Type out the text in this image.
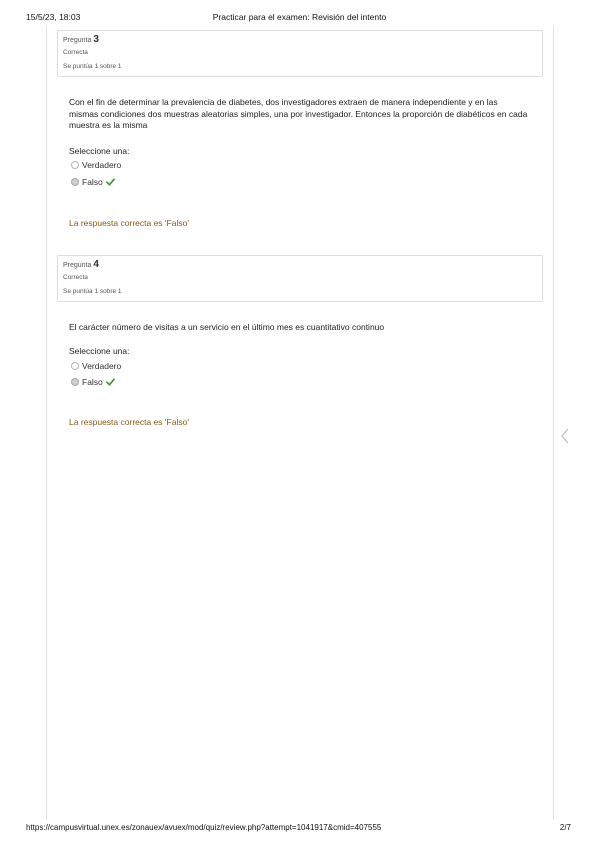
15/5/23, 18:03	Practicar para el examen: Revisión del intento
Pregunta 3
Correcta
Se puntúa 1 sobre 1
Con el fin de determinar la prevalencia de diabetes, dos investigadores extraen de manera independiente y en las mismas condiciones dos muestras aleatorias simples, una por investigador. Entonces la proporción de diabéticos en cada muestra es la misma
Seleccione una:
Verdadero
Falso
La respuesta correcta es 'Falso'
Pregunta 4
Correcta
Se puntúa 1 sobre 1
El carácter número de visitas a un servicio en el último mes es cuantitativo continuo
Seleccione una:
Verdadero
Falso
La respuesta correcta es 'Falso'
https://campusvirtual.unex.es/zonauex/avuex/mod/quiz/review.php?attempt=1041917&cmid=407555	2/7
